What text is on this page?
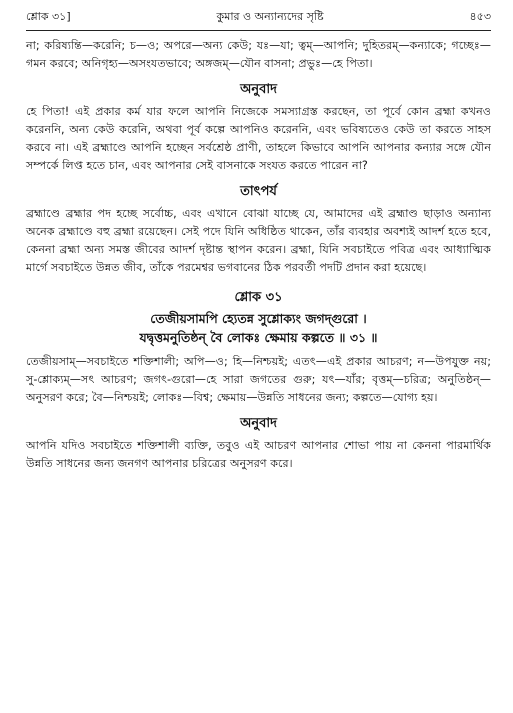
শ্লোক ৩১]	কুমার ও অন্যান্যদের সৃষ্টি	৪৫৩

না; করিষ্যন্তি—করেনি; চ—ও; অপরে—অন্য কেউ; যঃ—যা; ত্বম্—আপনি; দুহিতরম্—কন্যাকে; গচ্ছেঃ—গমন করবে; অনিগৃহ্য—অসংযতভাবে; অঙ্গজম্—যৌন বাসনা; প্রভুঃ—হে পিতা।

অনুবাদ

হে পিতা! এই প্রকার কর্ম যার ফলে আপনি নিজেকে সমস্যাগ্রস্ত করছেন, তা পূর্বে কোন ব্রহ্মা কখনও করেননি, অন্য কেউ করেনি, অথবা পূর্ব কল্পে আপনিও করেননি, এবং ভবিষ্যতেও কেউ তা করতে সাহস করবে না। এই ব্রহ্মাণ্ডে আপনি হচ্ছেন সর্বশ্রেষ্ঠ প্রাণী, তাহলে কিভাবে আপনি আপনার কন্যার সঙ্গে যৌন সম্পর্কে লিপ্ত হতে চান, এবং আপনার সেই বাসনাকে সংযত করতে পারেন না?

তাৎপর্য

ব্রহ্মাণ্ডে ব্রহ্মার পদ হচ্ছে সর্বোচ্চ, এবং এখানে বোঝা যাচ্ছে যে, আমাদের এই ব্রহ্মাণ্ড ছাড়াও অন্যান্য অনেক ব্রহ্মাণ্ডে বহু ব্রহ্মা রয়েছেন। সেই পদে যিনি অধিষ্ঠিত থাকেন, তাঁর ব্যবহার অবশ্যই আদর্শ হতে হবে, কেননা ব্রহ্মা অন্য সমস্ত জীবের আদর্শ দৃষ্টান্ত স্থাপন করেন। ব্রহ্মা, যিনি সবচাইতে পবিত্র এবং আধ্যাত্মিক মার্গে সবচাইতে উন্নত জীব, তাঁকে পরমেশ্বর ভগবানের ঠিক পরবর্তী পদটি প্রদান করা হয়েছে।

শ্লোক ৩১

তেজীয়সামপি হ্যেতন্ন সুশ্লোক্যং জগদ্গুরো ।

যদ্বৃত্তমনুতিষ্ঠন্ বৈ লোকঃ ক্ষেমায় কল্পতে ॥ ৩১ ॥

তেজীয়সাম্—সবচাইতে শক্তিশালী; অপি—ও; হি—নিশ্চয়ই; এতৎ—এই প্রকার আচরণ; ন—উপযুক্ত নয়; সু-শ্লোক্যম্—সৎ আচরণ; জগৎ-গুরো—হে সারা জগতের গুরু; যৎ—যাঁর; বৃত্তম্—চরিত্র; অনুতিষ্ঠন্—অনুসরণ করে; বৈ—নিশ্চয়ই; লোকঃ—বিশ্ব; ক্ষেমায়—উন্নতি সাধনের জন্য; কল্পতে—যোগ্য হয়।

অনুবাদ

আপনি যদিও সবচাইতে শক্তিশালী ব্যক্তি, তবুও এই আচরণ আপনার শোভা পায় না কেননা পারমার্থিক উন্নতি সাধনের জন্য জনগণ আপনার চরিত্রের অনুসরণ করে।
